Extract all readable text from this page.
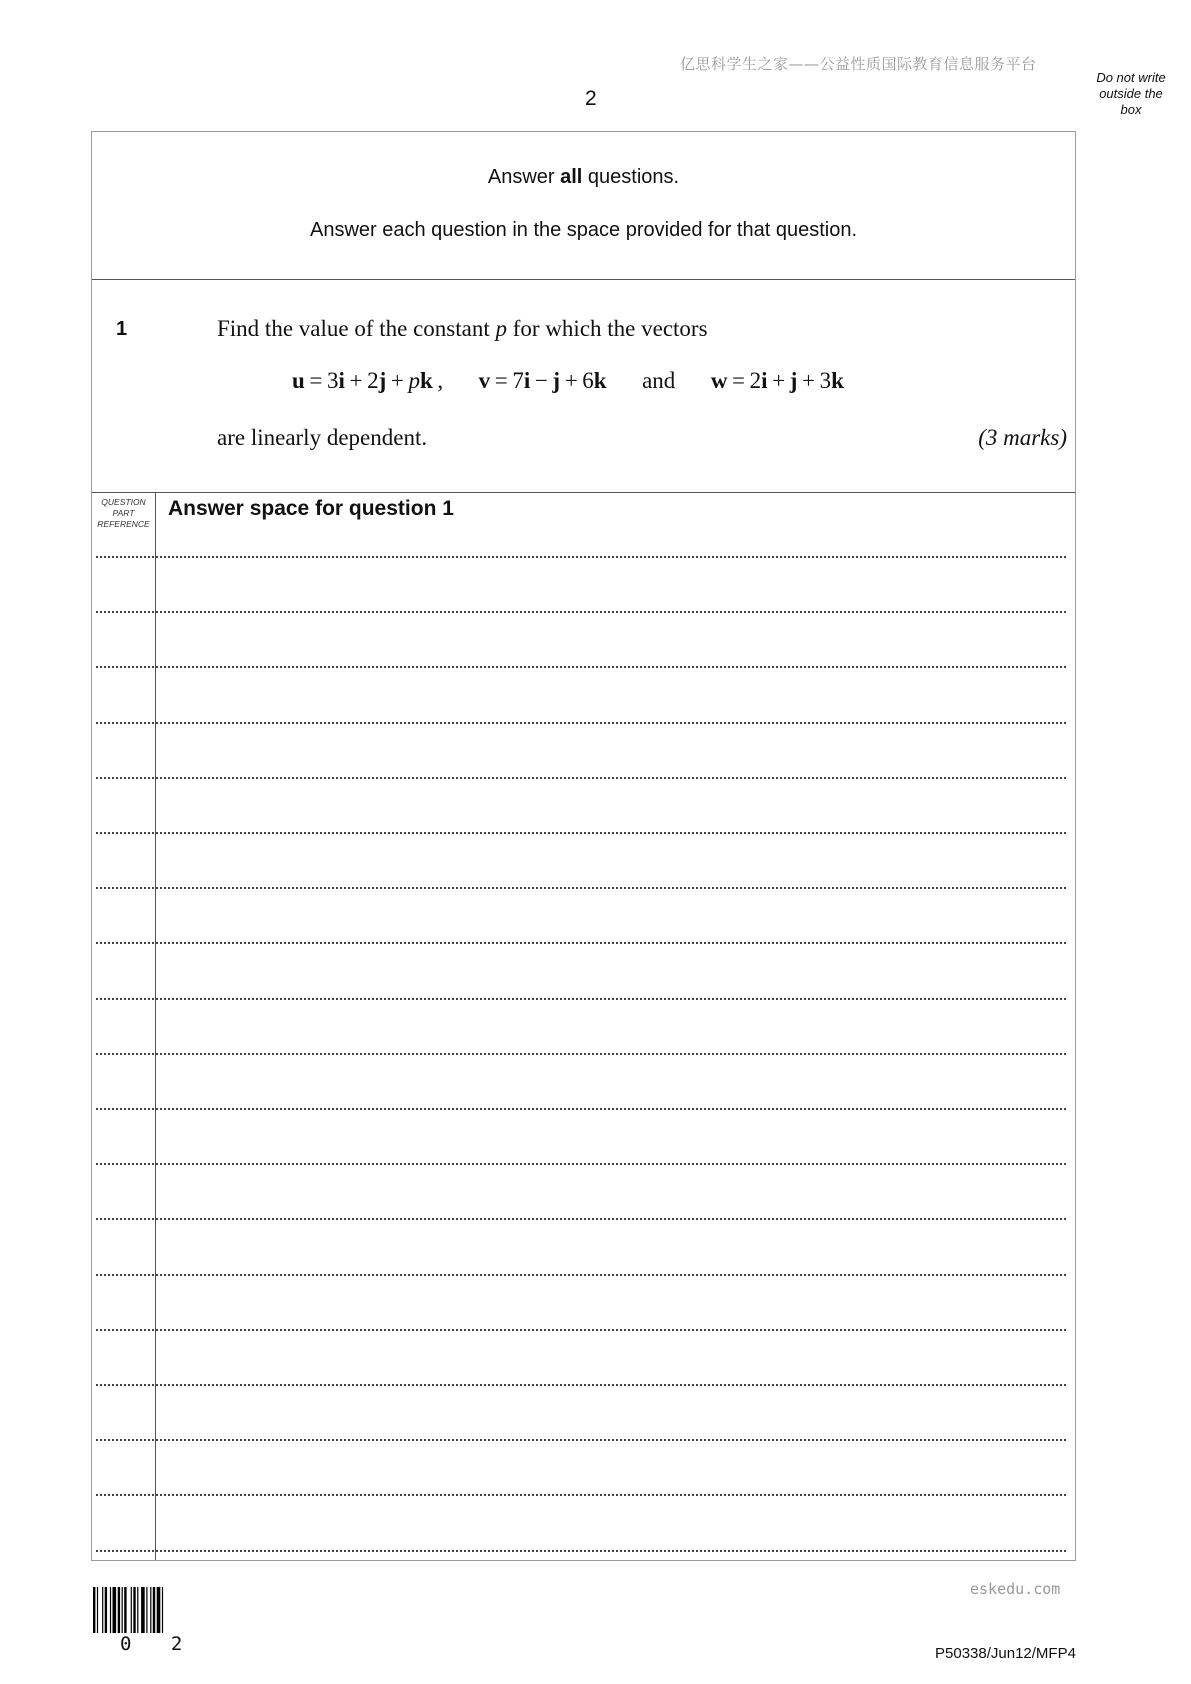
亿思科学生之家——公益性质国际教育信息服务平台
2
Do not write
outside the
box
Answer all questions.
Answer each question in the space provided for that question.
1	Find the value of the constant p for which the vectors
u  =  3i  +  2j  +  pk  , v  =  7i  −  j  +  6k and w  =  2i  +  j  +  3k
are linearly dependent.	(3 marks)
QUESTION
PART
REFERENCE
Answer space for question 1
eskedu.com
0 2	P50338/Jun12/MFP4
